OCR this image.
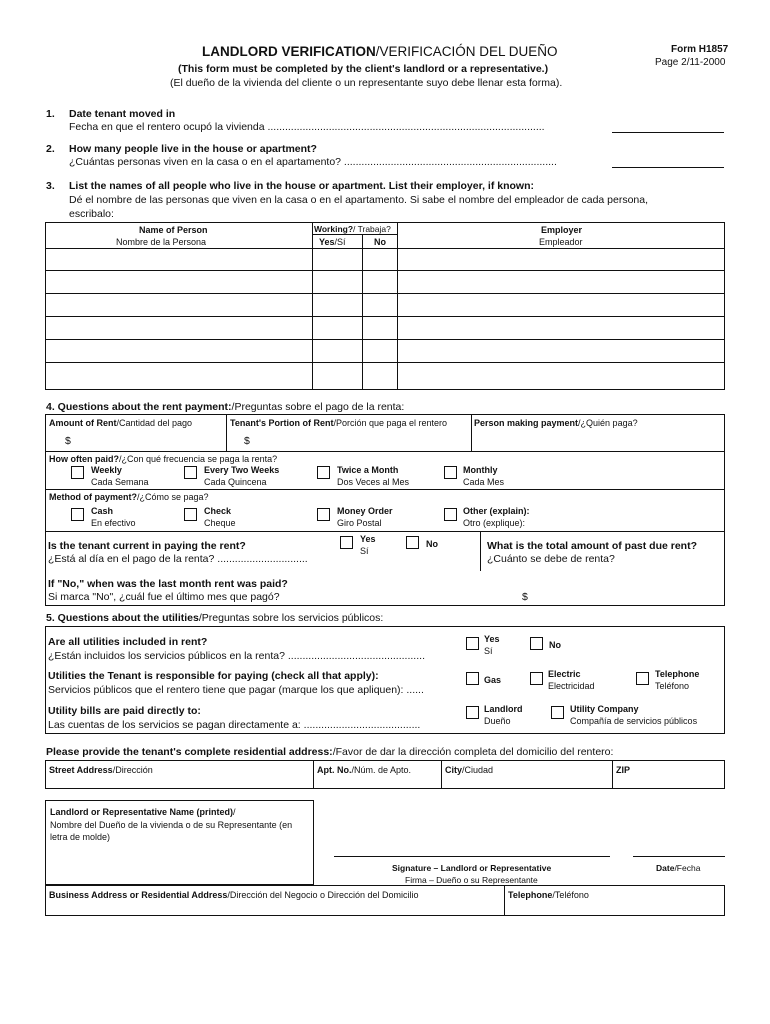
LANDLORD VERIFICATION/VERIFICACIÓN DEL DUEÑO
(This form must be completed by the client's landlord or a representative.)
(El dueño de la vivienda del cliente o un representante suyo debe llenar esta forma).
Form H1857
Page 2/11-2000
1. Date tenant moved in
Fecha en que el rentero ocupó la vivienda ...............................................................................................
2. How many people live in the house or apartment?
¿Cuántas personas viven en la casa o en el apartamento? .........................................................................
3. List the names of all people who live in the house or apartment. List their employer, if known:
Dé el nombre de las personas que viven en la casa o en el apartamento. Si sabe el nombre del empleador de cada persona,
escribalo:
Name of Person
Nombre de la Persona
Working?/ Trabaja?
Yes/Sí	No
Employer
Empleador
4. Questions about the rent payment:/Preguntas sobre el pago de la renta:
Amount of Rent/Cantidad del pago
$
Tenant's Portion of Rent/Porción que paga el rentero
$
Person making payment/¿Quién paga?
How often paid?/¿Con qué frecuencia se paga la renta?
Weekly
Cada Semana
Every Two Weeks
Cada Quincena
Twice a Month
Dos Veces al Mes
Monthly
Cada Mes
Method of payment?/¿Cómo se paga?
Cash
En efectivo
Check
Cheque
Money Order
Giro Postal
Other (explain):
Otro (explique):
Is the tenant current in paying the rent?
¿Está al día en el pago de la renta? ...............................
Yes
Sí
No	What is the total amount of past due rent?
¿Cuánto se debe de renta?
If "No," when was the last month rent was paid?
Si marca "No", ¿cuál fue el último mes que pagó?	$
5. Questions about the utilities/Preguntas sobre los servicios públicos:
Are all utilities included in rent?
¿Están incluidos los servicios públicos en la renta? ...............................................
Yes
Sí
No
Utilities the Tenant is responsible for paying (check all that apply):
Servicios públicos que el rentero tiene que pagar (marque los que apliquen): ......
Gas
Electric
Electricidad
Telephone
Teléfono
Utility bills are paid directly to:
Las cuentas de los servicios se pagan directamente a: ........................................
Landlord
Dueño
Utility Company
Compañía de servicios públicos
Please provide the tenant's complete residential address:/Favor de dar la dirección completa del domicilio del rentero:
Street Address/Dirección	Apt. No./Núm. de Apto.	City/Ciudad	ZIP
Landlord or Representative Name (printed)/
Nombre del Dueño de la vivienda o de su Representante (en letra de molde)
Signature – Landlord or Representative
Firma – Dueño o su Representante
Date/Fecha
Business Address or Residential Address/Dirección del Negocio o Dirección del Domicilio	Telephone/Teléfono
